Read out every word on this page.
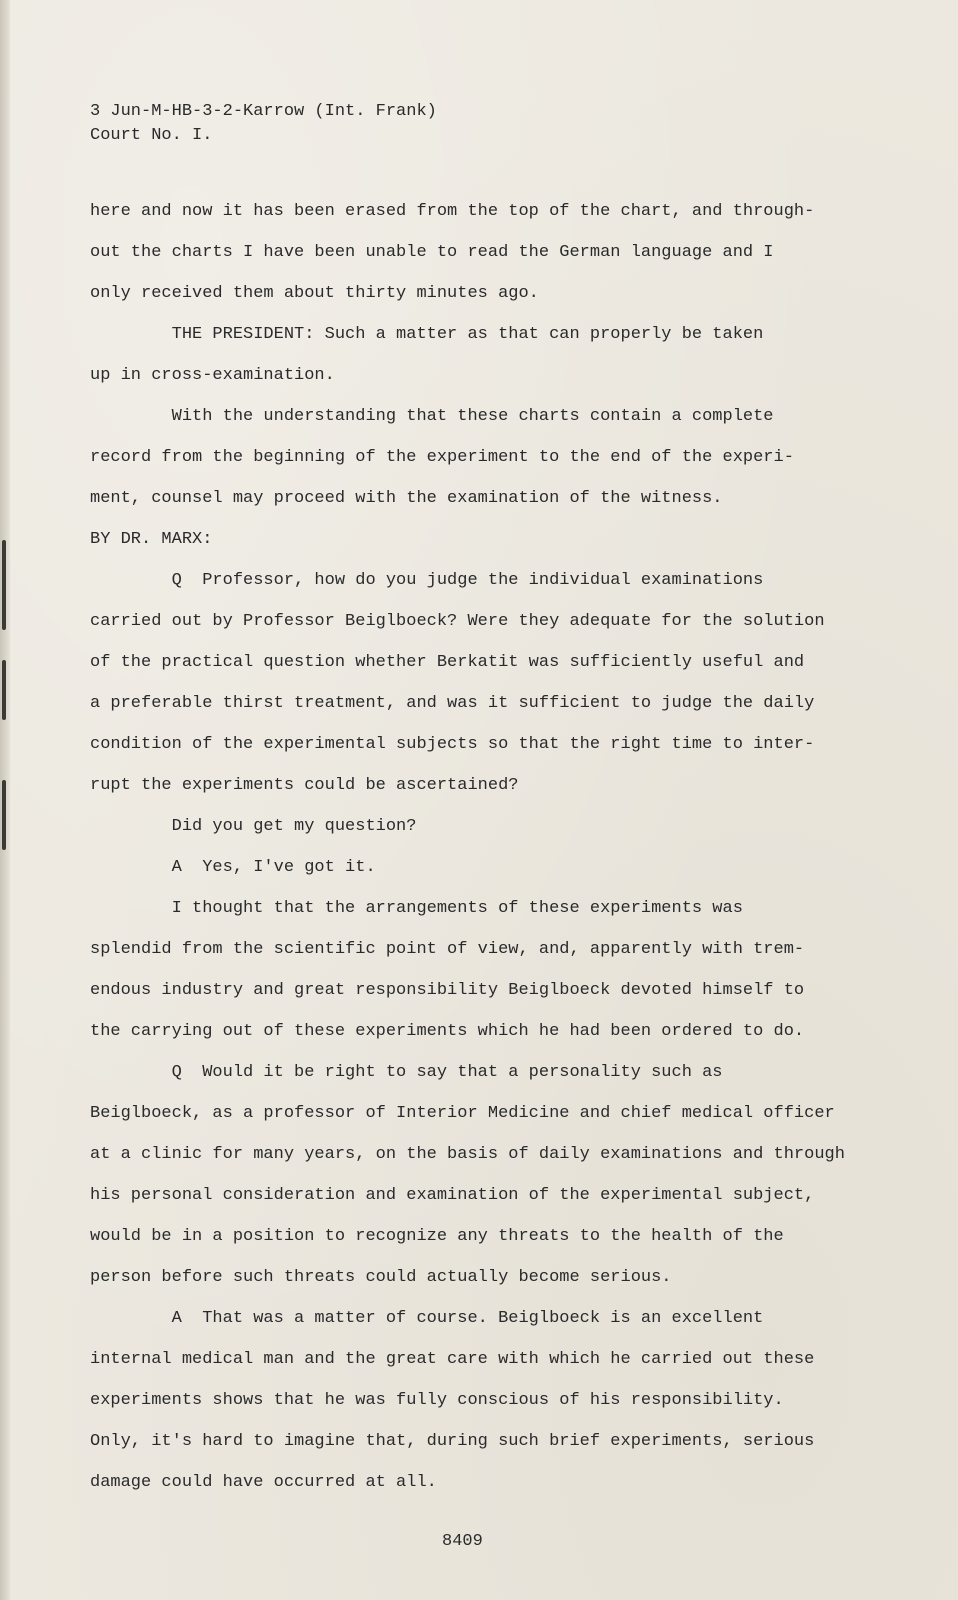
3 Jun-M-HB-3-2-Karrow (Int. Frank)
Court No. I.
here and now it has been erased from the top of the chart, and through-
out the charts I have been unable to read the German language and I
only received them about thirty minutes ago.
THE PRESIDENT: Such a matter as that can properly be taken
up in cross-examination.
With the understanding that these charts contain a complete
record from the beginning of the experiment to the end of the experi-
ment, counsel may proceed with the examination of the witness.
BY DR. MARX:
Q  Professor, how do you judge the individual examinations
carried out by Professor Beiglboeck? Were they adequate for the solution
of the practical question whether Berkatit was sufficiently useful and
a preferable thirst treatment, and was it sufficient to judge the daily
condition of the experimental subjects so that the right time to inter-
rupt the experiments could be ascertained?
Did you get my question?
A  Yes, I've got it.
I thought that the arrangements of these experiments was
splendid from the scientific point of view, and, apparently with trem-
endous industry and great responsibility Beiglboeck devoted himself to
the carrying out of these experiments which he had been ordered to do.
Q  Would it be right to say that a personality such as
Beiglboeck, as a professor of Interior Medicine and chief medical officer
at a clinic for many years, on the basis of daily examinations and through
his personal consideration and examination of the experimental subject,
would be in a position to recognize any threats to the health of the
person before such threats could actually become serious.
A  That was a matter of course. Beiglboeck is an excellent
internal medical man and the great care with which he carried out these
experiments shows that he was fully conscious of his responsibility.
Only, it's hard to imagine that, during such brief experiments, serious
damage could have occurred at all.
8409
